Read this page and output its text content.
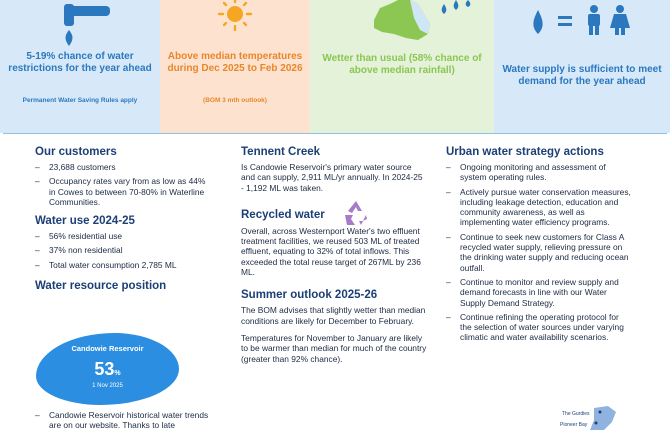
5-19% chance of water restrictions for the year ahead
Permanent Water Saving Rules apply
Above median temperatures during Dec 2025 to Feb 2026
(BOM 3 mth outlook)
Wetter than usual (58% chance of above median rainfall)	Water supply is sufficient to meet demand for the year ahead
Our customers
– 23,688 customers
– Occupancy rates vary from as low as 44% in Cowes to between 70-80% in Waterline Communities.
Water use 2024-25
– 56% residential use
– 37% non residential
– Total water consumption 2,785 ML
Water resource position
Candowie Reservoir
53%
1 Nov 2025
– Candowie Reservoir historical water trends are on our website. Thanks to late
Tennent Creek

Is Candowie Reservoir's primary water source and can supply, 2,911 ML/yr annually. In 2024-25 - 1,192 ML was taken.

Recycled water

Overall, across Westernport Water's two effluent treatment facilities, we reused 503 ML of treated effluent, equating to 32% of total inflows. This exceeded the total reuse target of 267ML by 236 ML.

Summer outlook 2025-26

The BOM advises that slightly wetter than median conditions are likely for December to February.

Temperatures for November to January are likely to be warmer than median for much of the country (greater than 92% chance).

Urban water strategy actions
– Ongoing monitoring and assessment of system operating rules.
– Actively pursue water conservation measures, including leakage detection, education and community awareness, as well as implementing water efficiency programs.
– Continue to seek new customers for Class A recycled water supply, relieving pressure on the drinking water supply and reducing ocean outfall.
– Continue to monitor and review supply and demand forecasts in line with our Water Supply Demand Strategy.
– Continue refining the operating protocol for the selection of water sources under varying climatic and water availability scenarios.
The Gurdies
Pioneer Bay
